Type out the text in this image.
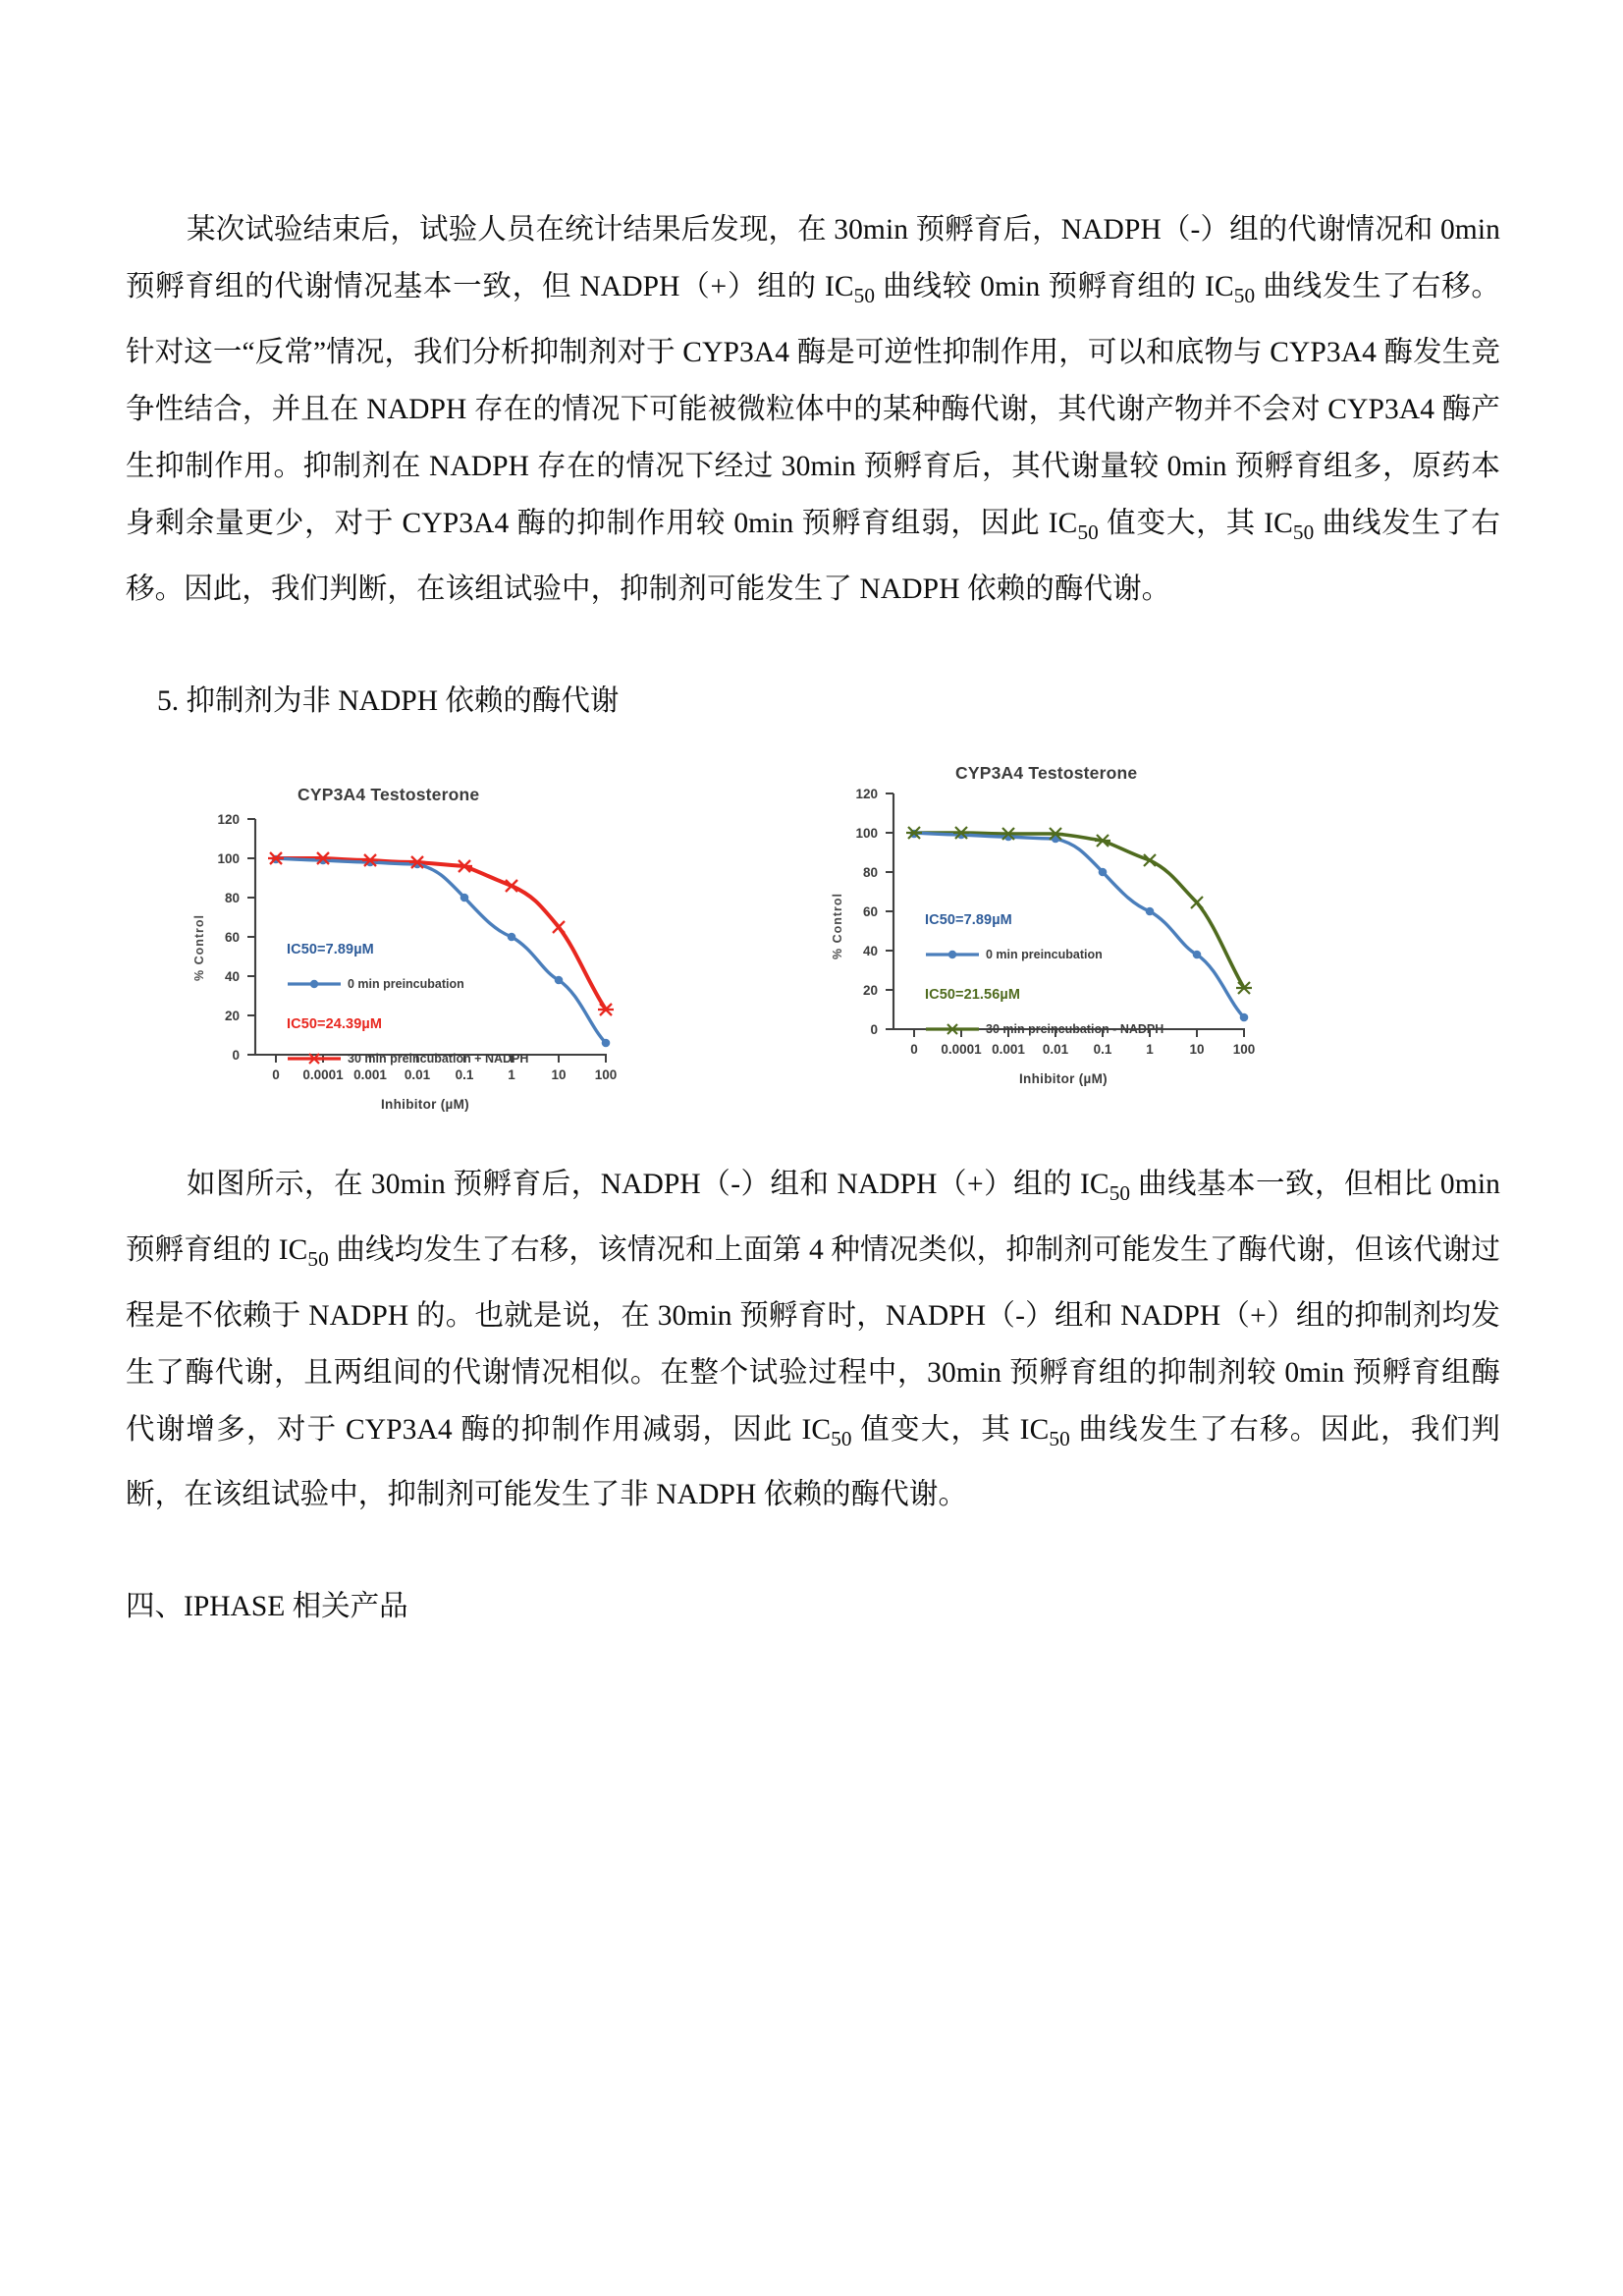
某次试验结束后，试验人员在统计结果后发现，在 30min 预孵育后，NADPH（-）组的代谢情况和 0min 预孵育组的代谢情况基本一致，但 NADPH（+）组的 $IC_{50}$ 曲线较 0min 预孵育组的 $IC_{50}$ 曲线发生了右移。针对这一“反常”情况，我们分析抑制剂对于 CYP3A4 酶是可逆性抑制作用，可以和底物与 CYP3A4 酶发生竞争性结合，并且在 NADPH 存在的情况下可能被微粒体中的某种酶代谢，其代谢产物并不会对 CYP3A4 酶产生抑制作用。抑制剂在 NADPH 存在的情况下经过 30min 预孵育后，其代谢量较 0min 预孵育组多，原药本身剩余量更少，对于 CYP3A4 酶的抑制作用较 0min 预孵育组弱，因此 $IC_{50}$ 值变大，其 $IC_{50}$ 曲线发生了右移。因此，我们判断，在该组试验中，抑制剂可能发生了 NADPH 依赖的酶代谢。

5. 抑制剂为非 NADPH 依赖的酶代谢

CYP3A4 Testosterone
% Control
0
20
40
60
80
100
120
IC50=7.89µM
0 min preincubation
IC50=24.39µM
30 min preincubation + NADPH
0	0.0001 0.001	0.01	0.1	1	10	100
Inhibitor (µM)
CYP3A4 Testosterone
% Control
0
20
40
60
80
100
120
IC50=7.89µM
0 min preincubation
IC50=21.56µM
30 min preincubation - NADPH
0	0.0001 0.001	0.01	0.1	1	10	100
Inhibitor (µM)

如图所示，在 30min 预孵育后，NADPH（-）组和 NADPH（+）组的 $IC_{50}$ 曲线基本一致，但相比 0min 预孵育组的 $IC_{50}$ 曲线均发生了右移，该情况和上面第 4 种情况类似，抑制剂可能发生了酶代谢，但该代谢过程是不依赖于 NADPH 的。也就是说，在 30min 预孵育时，NADPH（-）组和 NADPH（+）组的抑制剂均发生了酶代谢，且两组间的代谢情况相似。在整个试验过程中，30min 预孵育组的抑制剂较 0min 预孵育组酶代谢增多，对于 CYP3A4 酶的抑制作用减弱，因此 $IC_{50}$ 值变大，其 $IC_{50}$ 曲线发生了右移。因此，我们判断，在该组试验中，抑制剂可能发生了非 NADPH 依赖的酶代谢。

四、IPHASE 相关产品
